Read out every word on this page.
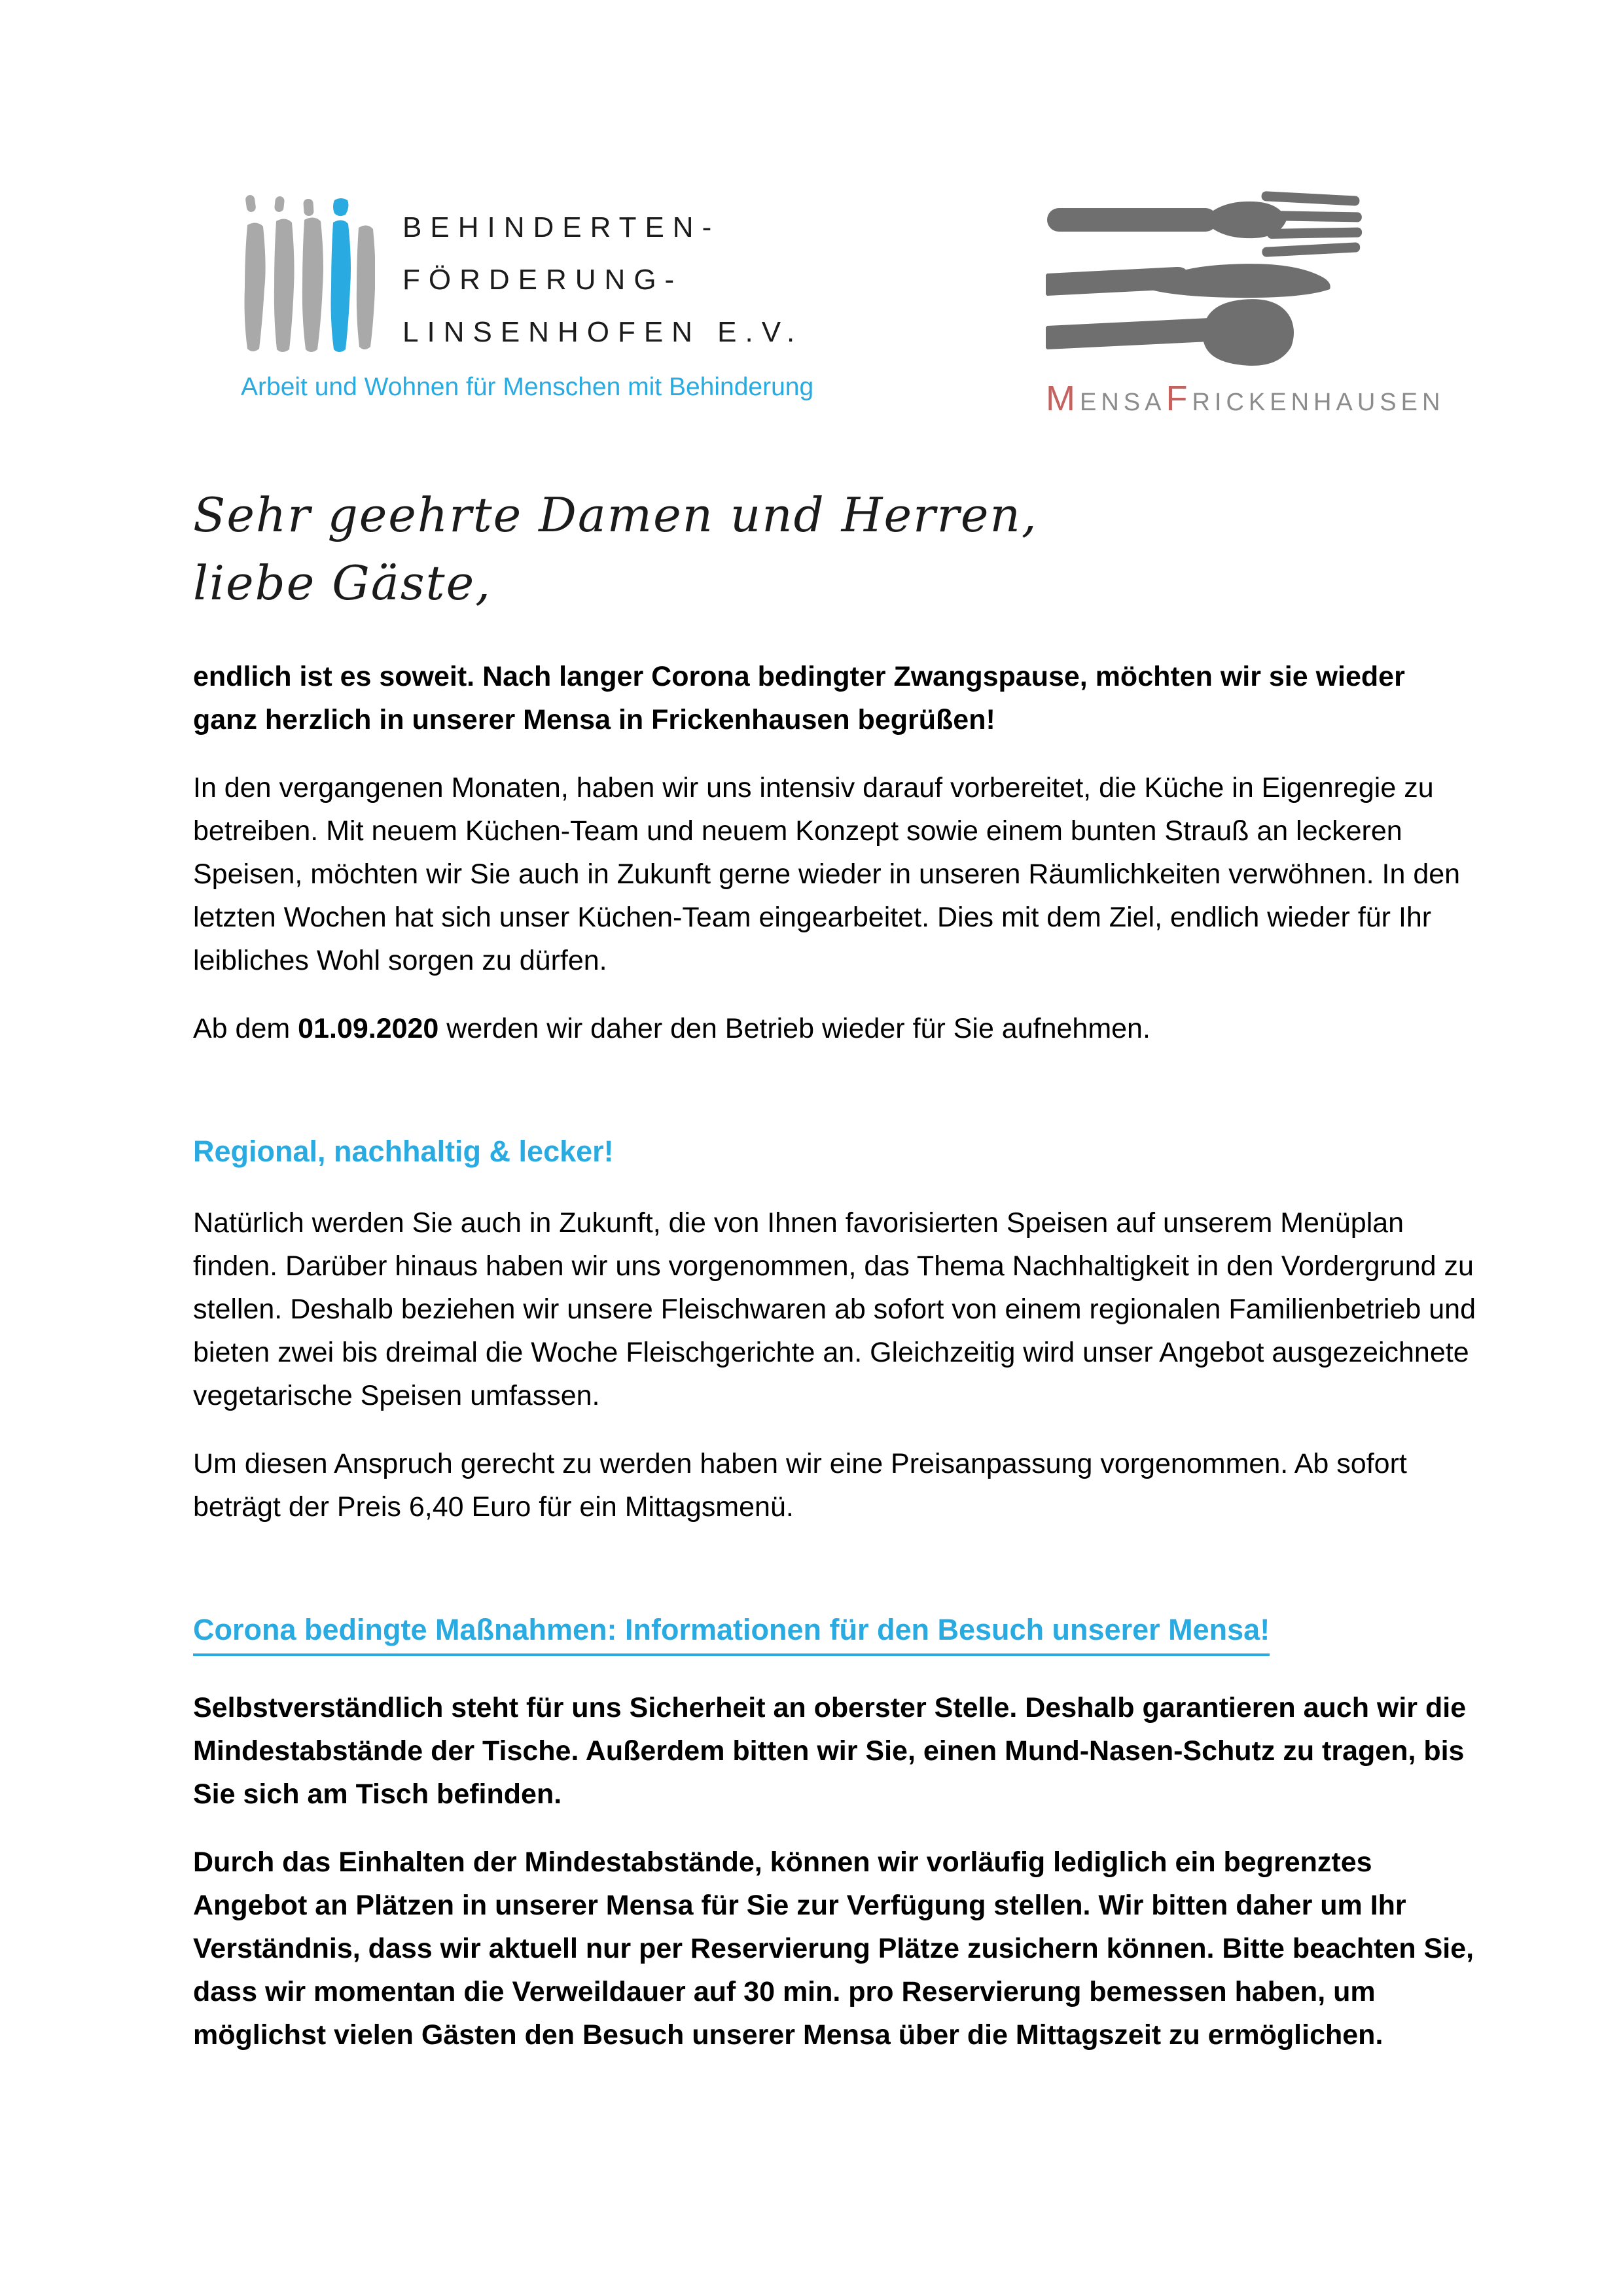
BEHINDERTEN-
FÖRDERUNG-
LINSENHOFEN E.V.
Arbeit und Wohnen für Menschen mit Behinderung	MENSAFRICKENHAUSEN
Sehr geehrte Damen und Herren,
liebe Gäste,

endlich ist es soweit. Nach langer Corona bedingter Zwangspause, möchten wir sie wieder ganz herzlich in unserer Mensa in Frickenhausen begrüßen!

In den vergangenen Monaten, haben wir uns intensiv darauf vorbereitet, die Küche in Eigenregie zu betreiben. Mit neuem Küchen-Team und neuem Konzept sowie einem bunten Strauß an leckeren Speisen, möchten wir Sie auch in Zukunft gerne wieder in unseren Räumlichkeiten verwöhnen. In den letzten Wochen hat sich unser Küchen-Team eingearbeitet. Dies mit dem Ziel, endlich wieder für Ihr leibliches Wohl sorgen zu dürfen.

Ab dem 01.09.2020 werden wir daher den Betrieb wieder für Sie aufnehmen.

Regional, nachhaltig & lecker!

Natürlich werden Sie auch in Zukunft, die von Ihnen favorisierten Speisen auf unserem Menüplan finden. Darüber hinaus haben wir uns vorgenommen, das Thema Nachhaltigkeit in den Vordergrund zu stellen. Deshalb beziehen wir unsere Fleischwaren ab sofort von einem regionalen Familienbetrieb und bieten zwei bis dreimal die Woche Fleischgerichte an. Gleichzeitig wird unser Angebot ausgezeichnete vegetarische Speisen umfassen.

Um diesen Anspruch gerecht zu werden haben wir eine Preisanpassung vorgenommen. Ab sofort beträgt der Preis 6,40 Euro für ein Mittagsmenü.

Corona bedingte Maßnahmen: Informationen für den Besuch unserer Mensa!

Selbstverständlich steht für uns Sicherheit an oberster Stelle. Deshalb garantieren auch wir die Mindestabstände der Tische. Außerdem bitten wir Sie, einen Mund-Nasen-Schutz zu tragen, bis Sie sich am Tisch befinden.

Durch das Einhalten der Mindestabstände, können wir vorläufig lediglich ein begrenztes Angebot an Plätzen in unserer Mensa für Sie zur Verfügung stellen. Wir bitten daher um Ihr Verständnis, dass wir aktuell nur per Reservierung Plätze zusichern können. Bitte beachten Sie, dass wir momentan die Verweildauer auf 30 min. pro Reservierung bemessen haben, um möglichst vielen Gästen den Besuch unserer Mensa über die Mittagszeit zu ermöglichen.
